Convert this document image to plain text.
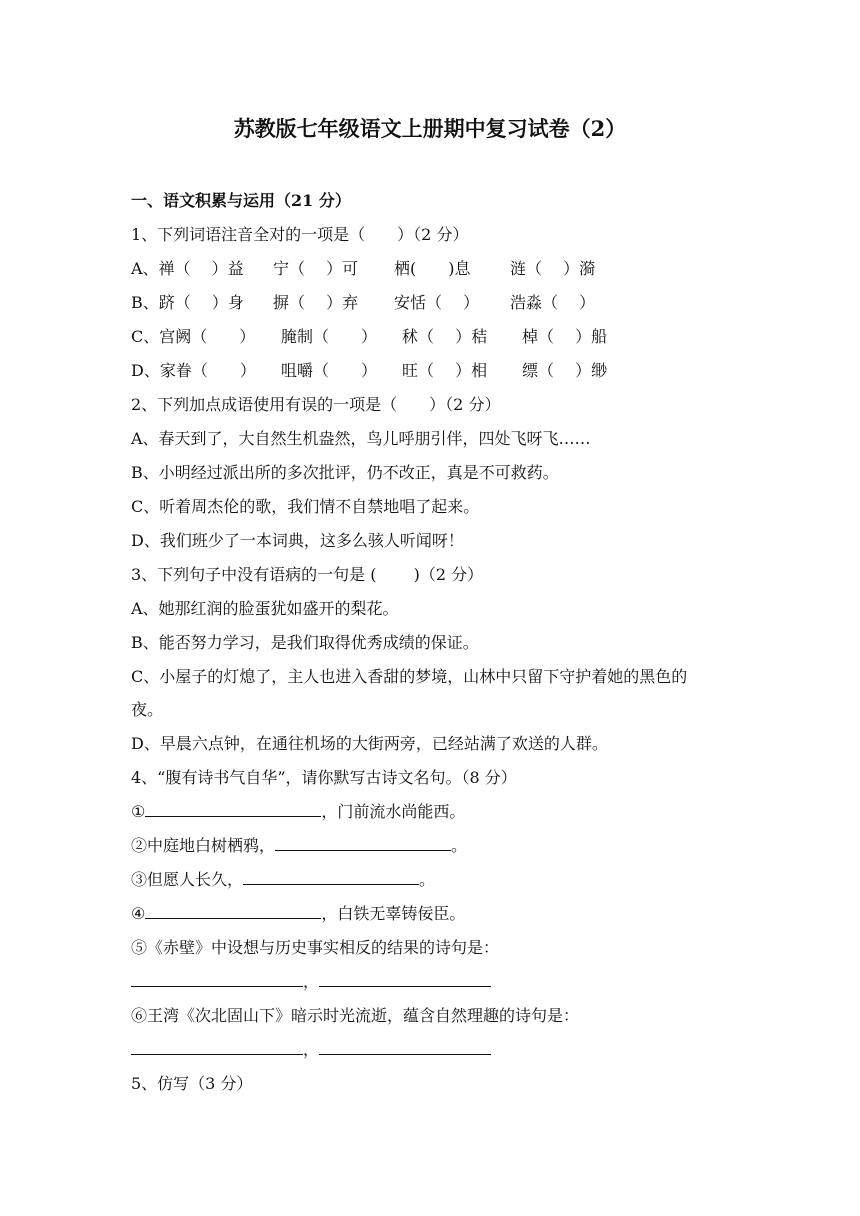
苏教版七年级语文上册期中复习试卷（2）
一、语文积累与运用（21 分）
1、下列词语注音全对的一项是（　　）（2 分）
A、禅（　 ）益 宁（　 ）可 栖(　　)息 涟（　 ）漪
B、跻（　 ）身 摒（　 ）弃 安恬（　 ） 浩淼（　 ）
C、宫阙（　　） 腌制（　　） 秫（　 ）秸 棹（　 ）船
D、家眷（　　） 咀嚼（　　） 旺（　 ）相 缥（　 ）缈
2、下列加点成语使用有误的一项是（　　）（2 分）
A、春天到了，大自然生机盎然，鸟儿呼朋引伴，四处飞呀飞……
B、小明经过派出所的多次批评，仍不改正，真是不可救药。
C、听着周杰伦的歌，我们情不自禁地唱了起来。
D、我们班少了一本词典，这多么骇人听闻呀！
3、下列句子中没有语病的一句是 (　　 )（2 分）
A、她那红润的脸蛋犹如盛开的梨花。
B、能否努力学习，是我们取得优秀成绩的保证。
C、小屋子的灯熄了，主人也进入香甜的梦境，山林中只留下守护着她的黑色的
夜。
D、早晨六点钟，在通往机场的大街两旁，已经站满了欢送的人群。
4、“腹有诗书气自华”，请你默写古诗文名句。（8 分）
①	，门前流水尚能西。
②中庭地白树栖鸦，	。
③但愿人长久，	。
④	，白铁无辜铸佞臣。
⑤《赤壁》中设想与历史事实相反的结果的诗句是：
，
⑥王湾《次北固山下》暗示时光流逝，蕴含自然理趣的诗句是：
，
5、仿写（3 分）
